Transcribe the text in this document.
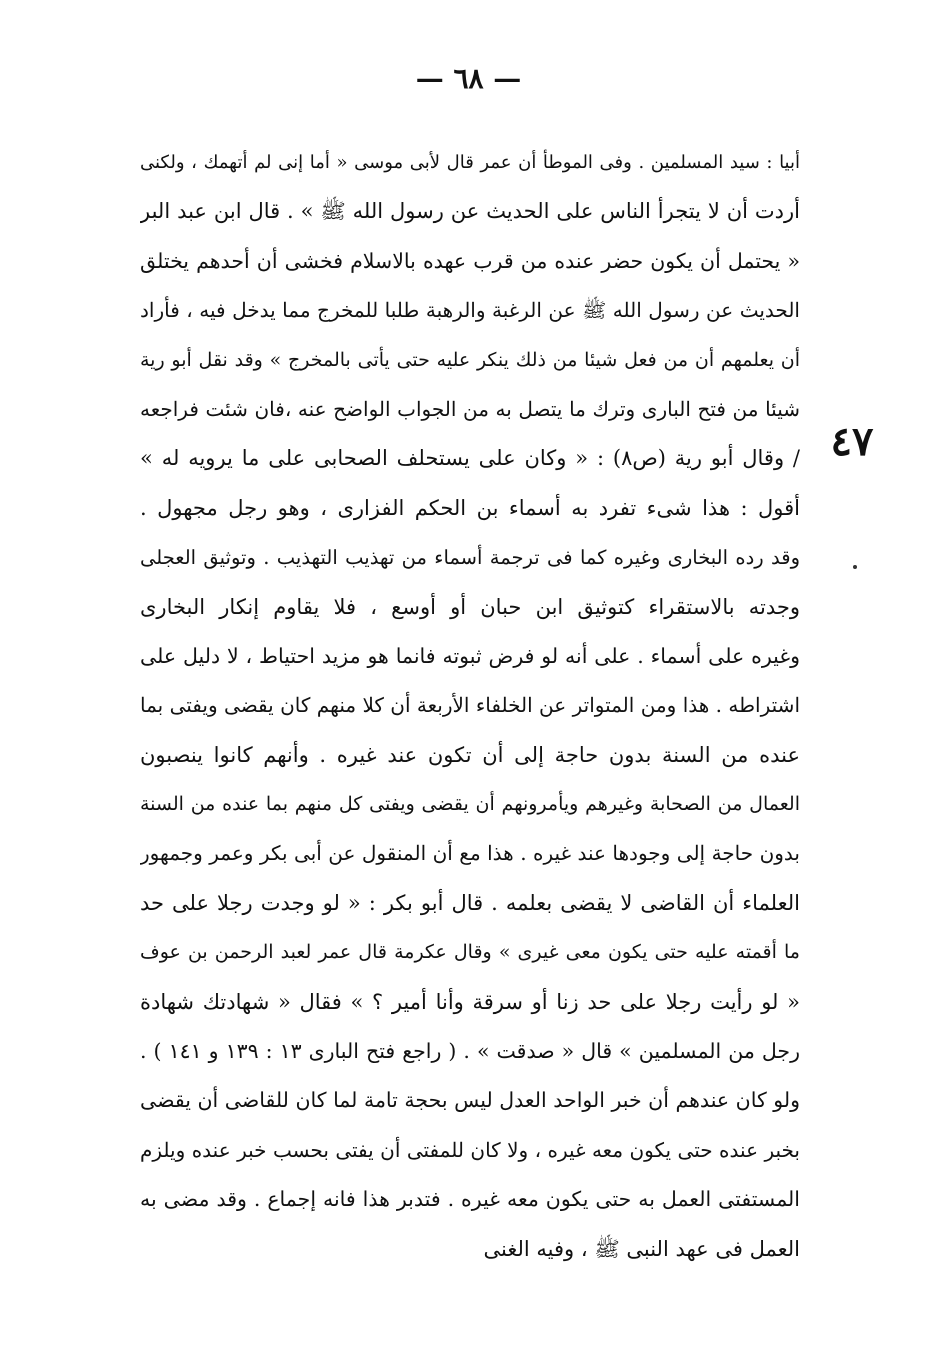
— ٦٨ —
٤٧
أبيا : سيد المسلمين . وفى الموطأ أن عمر قال لأبى موسى « أما إنى لم أتهمك ، ولكنى
أردت أن لا يتجرأ الناس على الحديث عن رسول الله ﷺ » . قال ابن عبد البر
« يحتمل أن يكون حضر عنده من قرب عهده بالاسلام فخشى أن أحدهم يختلق
الحديث عن رسول الله ﷺ عن الرغبة والرهبة طلبا للمخرج مما يدخل فيه ، فأراد
أن يعلمهم أن من فعل شيئا من ذلك ينكر عليه حتى يأتى بالمخرج » وقد نقل أبو رية
شيئا من فتح البارى وترك ما يتصل به من الجواب الواضح عنه ،فان شئت فراجعه
/ وقال أبو رية (ص٨) : « وكان على يستحلف الصحابى على ما يرويه له »
أقول : هذا شىء تفرد به أسماء بن الحكم الفزارى ، وهو رجل مجهول .
وقد رده البخارى وغيره كما فى ترجمة أسماء من تهذيب التهذيب . وتوثيق العجلى
وجدته بالاستقراء كتوثيق ابن حبان أو أوسع ، فلا يقاوم إنكار البخارى
وغيره على أسماء . على أنه لو فرض ثبوته فانما هو مزيد احتياط ، لا دليل على
اشتراطه . هذا ومن المتواتر عن الخلفاء الأربعة أن كلا منهم كان يقضى ويفتى بما
عنده من السنة بدون حاجة إلى أن تكون عند غيره . وأنهم كانوا ينصبون
العمال من الصحابة وغيرهم ويأمرونهم أن يقضى ويفتى كل منهم بما عنده من السنة
بدون حاجة إلى وجودها عند غيره . هذا مع أن المنقول عن أبى بكر وعمر وجمهور
العلماء أن القاضى لا يقضى بعلمه . قال أبو بكر : « لو وجدت رجلا على حد
ما أقمته عليه حتى يكون معى غيرى » وقال عكرمة قال عمر لعبد الرحمن بن عوف
« لو رأيت رجلا على حد زنا أو سرقة وأنا أمير ؟ » فقال « شهادتك شهادة
رجل من المسلمين » قال « صدقت » . ( راجع فتح البارى ١٣ : ١٣٩ و ١٤١ ) .
ولو كان عندهم أن خبر الواحد العدل ليس بحجة تامة لما كان للقاضى أن يقضى
بخبر عنده حتى يكون معه غيره ، ولا كان للمفتى أن يفتى بحسب خبر عنده ويلزم
المستفتى العمل به حتى يكون معه غيره . فتدبر هذا فانه إجماع . وقد مضى به
العمل فى عهد النبى ﷺ ، وفيه الغنى
